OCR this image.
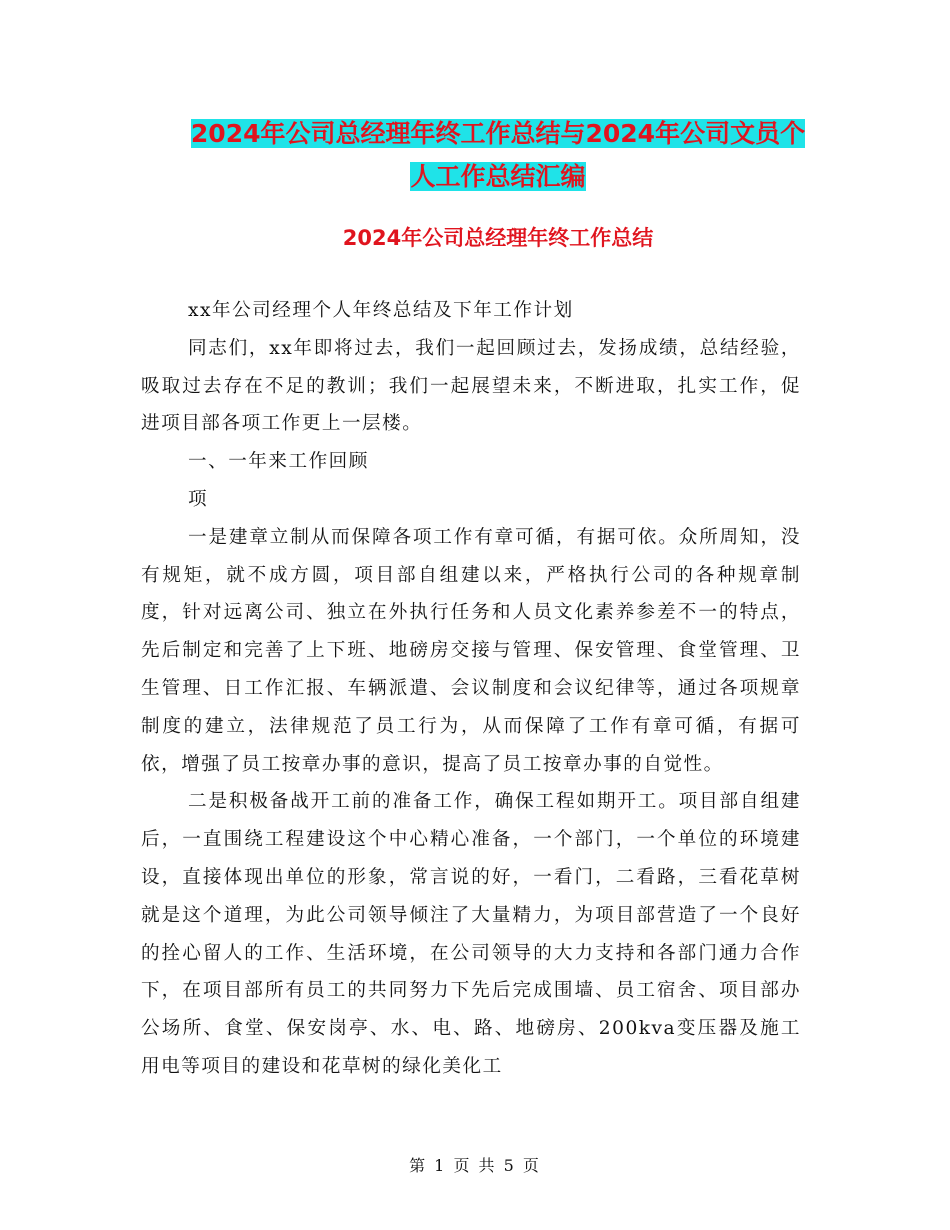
2024年公司总经理年终工作总结与2024年公司文员个
人工作总结汇编
2024年公司总经理年终工作总结

xx年公司经理个人年终总结及下年工作计划

同志们，xx年即将过去，我们一起回顾过去，发扬成绩，总结经验，吸取过去存在不足的教训；我们一起展望未来，不断进取，扎实工作，促进项目部各项工作更上一层楼。

一、一年来工作回顾

项

一是建章立制从而保障各项工作有章可循，有据可依。众所周知，没有规矩，就不成方圆，项目部自组建以来，严格执行公司的各种规章制度，针对远离公司、独立在外执行任务和人员文化素养参差不一的特点，先后制定和完善了上下班、地磅房交接与管理、保安管理、食堂管理、卫生管理、日工作汇报、车辆派遣、会议制度和会议纪律等，通过各项规章制度的建立，法律规范了员工行为，从而保障了工作有章可循，有据可依，增强了员工按章办事的意识，提高了员工按章办事的自觉性。

二是积极备战开工前的准备工作，确保工程如期开工。项目部自组建后，一直围绕工程建设这个中心精心准备，一个部门，一个单位的环境建设，直接体现出单位的形象，常言说的好，一看门，二看路，三看花草树就是这个道理，为此公司领导倾注了大量精力，为项目部营造了一个良好的拴心留人的工作、生活环境，在公司领导的大力支持和各部门通力合作下，在项目部所有员工的共同努力下先后完成围墙、员工宿舍、项目部办公场所、食堂、保安岗亭、水、电、路、地磅房、200kva变压器及施工用电等项目的建设和花草树的绿化美化工

第 1 页 共 5 页
